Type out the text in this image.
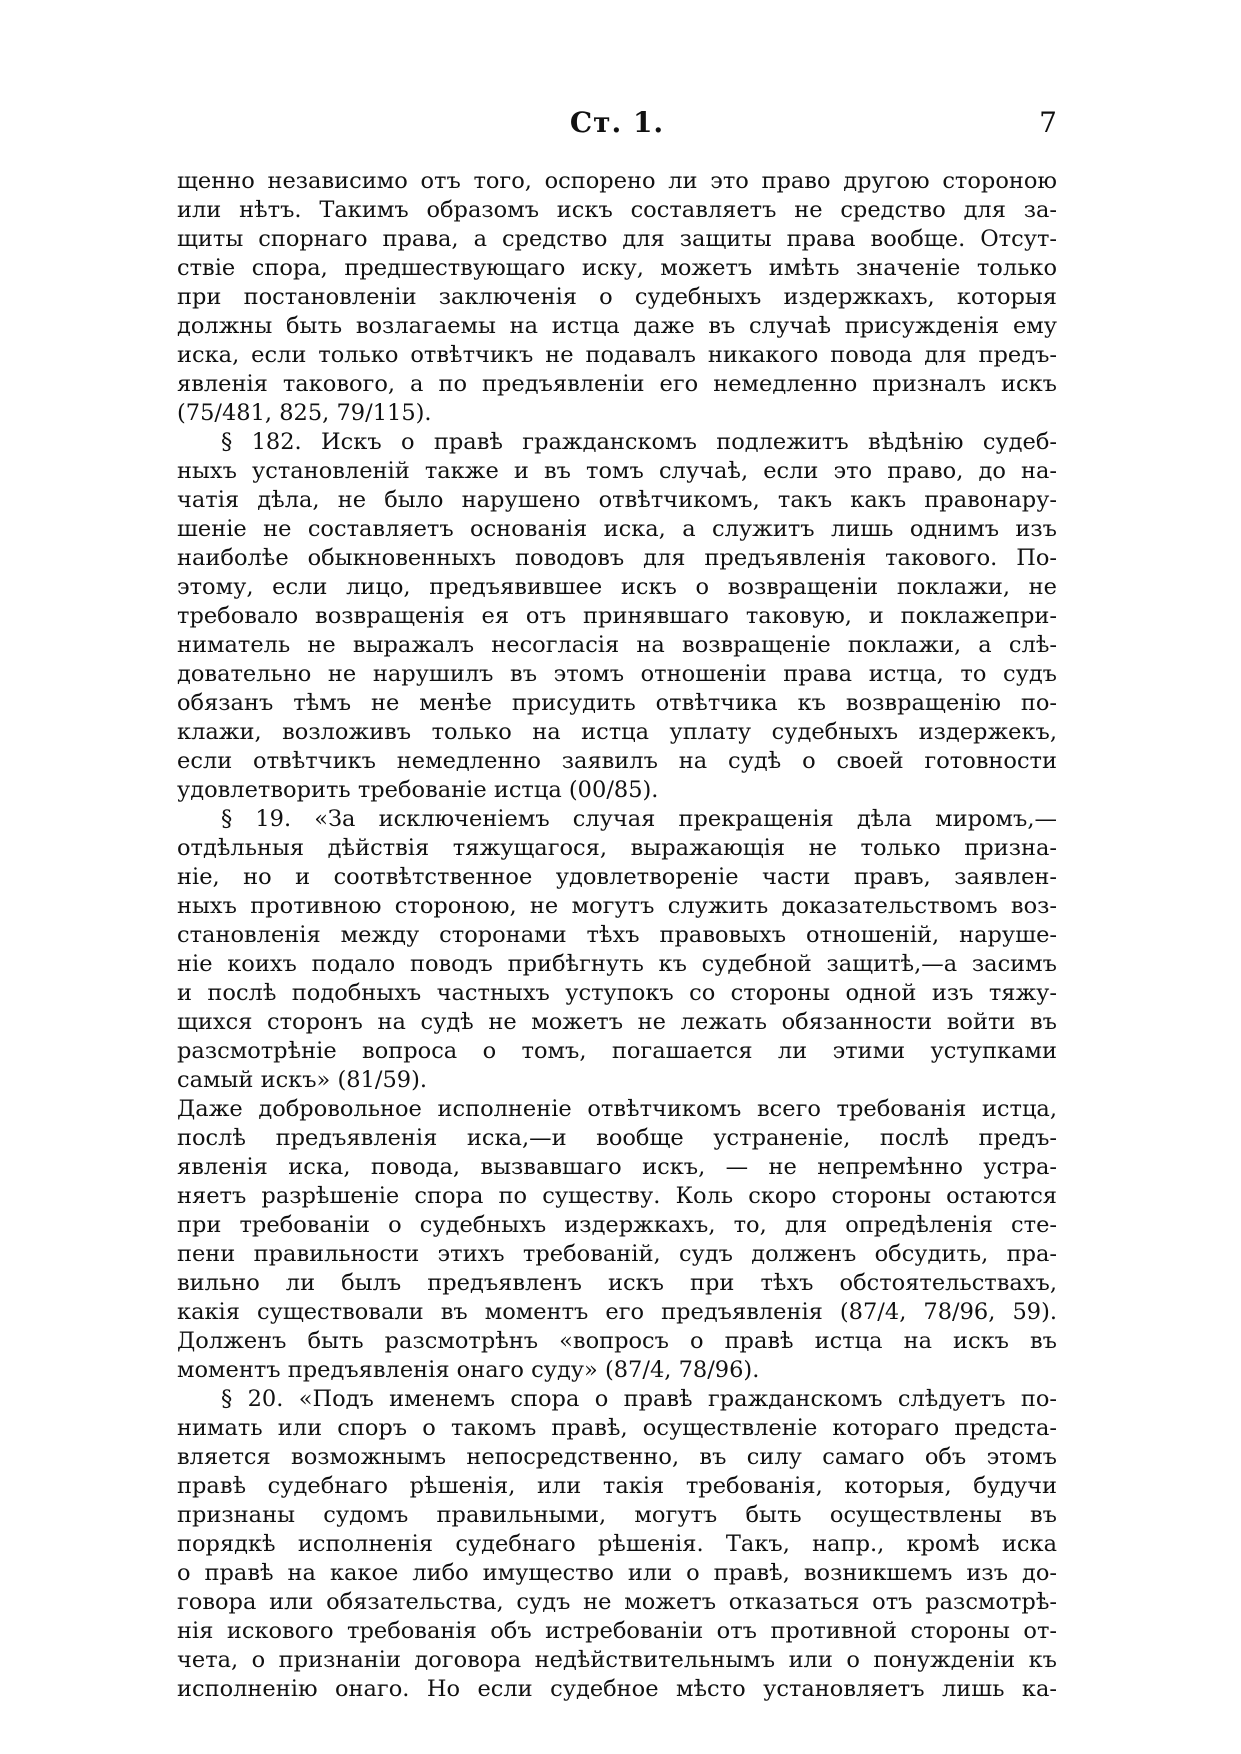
Ст. 1.	7
щенно независимо отъ того, оспорено ли это право другою стороною
или нѣтъ. Такимъ образомъ искъ составляетъ не средство для за-
щиты спорнаго права, а средство для защиты права вообще. Отсут-
ствіе спора, предшествующаго иску, можетъ имѣть значеніе только
при постановленіи заключенія о судебныхъ издержкахъ, которыя
должны быть возлагаемы на истца даже въ случаѣ присужденія ему
иска, если только отвѣтчикъ не подавалъ никакого повода для предъ-
явленія такового, а по предъявленіи его немедленно призналъ искъ
(75/481, 825, 79/115).
§ 182. Искъ о правѣ гражданскомъ подлежитъ вѣдѣнію судеб-
ныхъ установленій также и въ томъ случаѣ, если это право, до на-
чатія дѣла, не было нарушено отвѣтчикомъ, такъ какъ правонару-
шеніе не составляетъ основанія иска, а служитъ лишь однимъ изъ
наиболѣе обыкновенныхъ поводовъ для предъявленія такового. По-
этому, если лицо, предъявившее искъ о возвращеніи поклажи, не
требовало возвращенія ея отъ принявшаго таковую, и поклажепри-
ниматель не выражалъ несогласія на возвращеніе поклажи, а слѣ-
довательно не нарушилъ въ этомъ отношеніи права истца, то судъ
обязанъ тѣмъ не менѣе присудить отвѣтчика къ возвращенію по-
клажи, возложивъ только на истца уплату судебныхъ издержекъ,
если отвѣтчикъ немедленно заявилъ на судѣ о своей готовности
удовлетворить требованіе истца (00/85).
§ 19. «За исключеніемъ случая прекращенія дѣла миромъ,—
отдѣльныя дѣйствія тяжущагося, выражающія не только призна-
ніе, но и соотвѣтственное удовлетвореніе части правъ, заявлен-
ныхъ противною стороною, не могутъ служить доказательствомъ воз-
становленія между сторонами тѣхъ правовыхъ отношеній, наруше-
ніе коихъ подало поводъ прибѣгнуть къ судебной защитѣ,—а засимъ
и послѣ подобныхъ частныхъ уступокъ со стороны одной изъ тяжу-
щихся сторонъ на судѣ не можетъ не лежать обязанности войти въ
разсмотрѣніе вопроса о томъ, погашается ли этими уступками
самый искъ» (81/59).
Даже добровольное исполненіе отвѣтчикомъ всего требованія истца,
послѣ предъявленія иска,—и вообще устраненіе, послѣ предъ-
явленія иска, повода, вызвавшаго искъ, — не непремѣнно устра-
няетъ разрѣшеніе спора по существу. Коль скоро стороны остаются
при требованіи о судебныхъ издержкахъ, то, для опредѣленія сте-
пени правильности этихъ требованій, судъ долженъ обсудить, пра-
вильно ли былъ предъявленъ искъ при тѣхъ обстоятельствахъ,
какія существовали въ моментъ его предъявленія (87/4, 78/96, 59).
Долженъ быть разсмотрѣнъ «вопросъ о правѣ истца на искъ въ
моментъ предъявленія онаго суду» (87/4, 78/96).
§ 20. «Подъ именемъ спора о правѣ гражданскомъ слѣдуетъ по-
нимать или споръ о такомъ правѣ, осуществленіе котораго предста-
вляется возможнымъ непосредственно, въ силу самаго объ этомъ
правѣ судебнаго рѣшенія, или такія требованія, которыя, будучи
признаны судомъ правильными, могутъ быть осуществлены въ
порядкѣ исполненія судебнаго рѣшенія. Такъ, напр., кромѣ иска
о правѣ на какое либо имущество или о правѣ, возникшемъ изъ до-
говора или обязательства, судъ не можетъ отказаться отъ разсмотрѣ-
нія искового требованія объ истребованіи отъ противной стороны от-
чета, о признаніи договора недѣйствительнымъ или о понужденіи къ
исполненію онаго. Но если судебное мѣсто установляетъ лишь ка-
